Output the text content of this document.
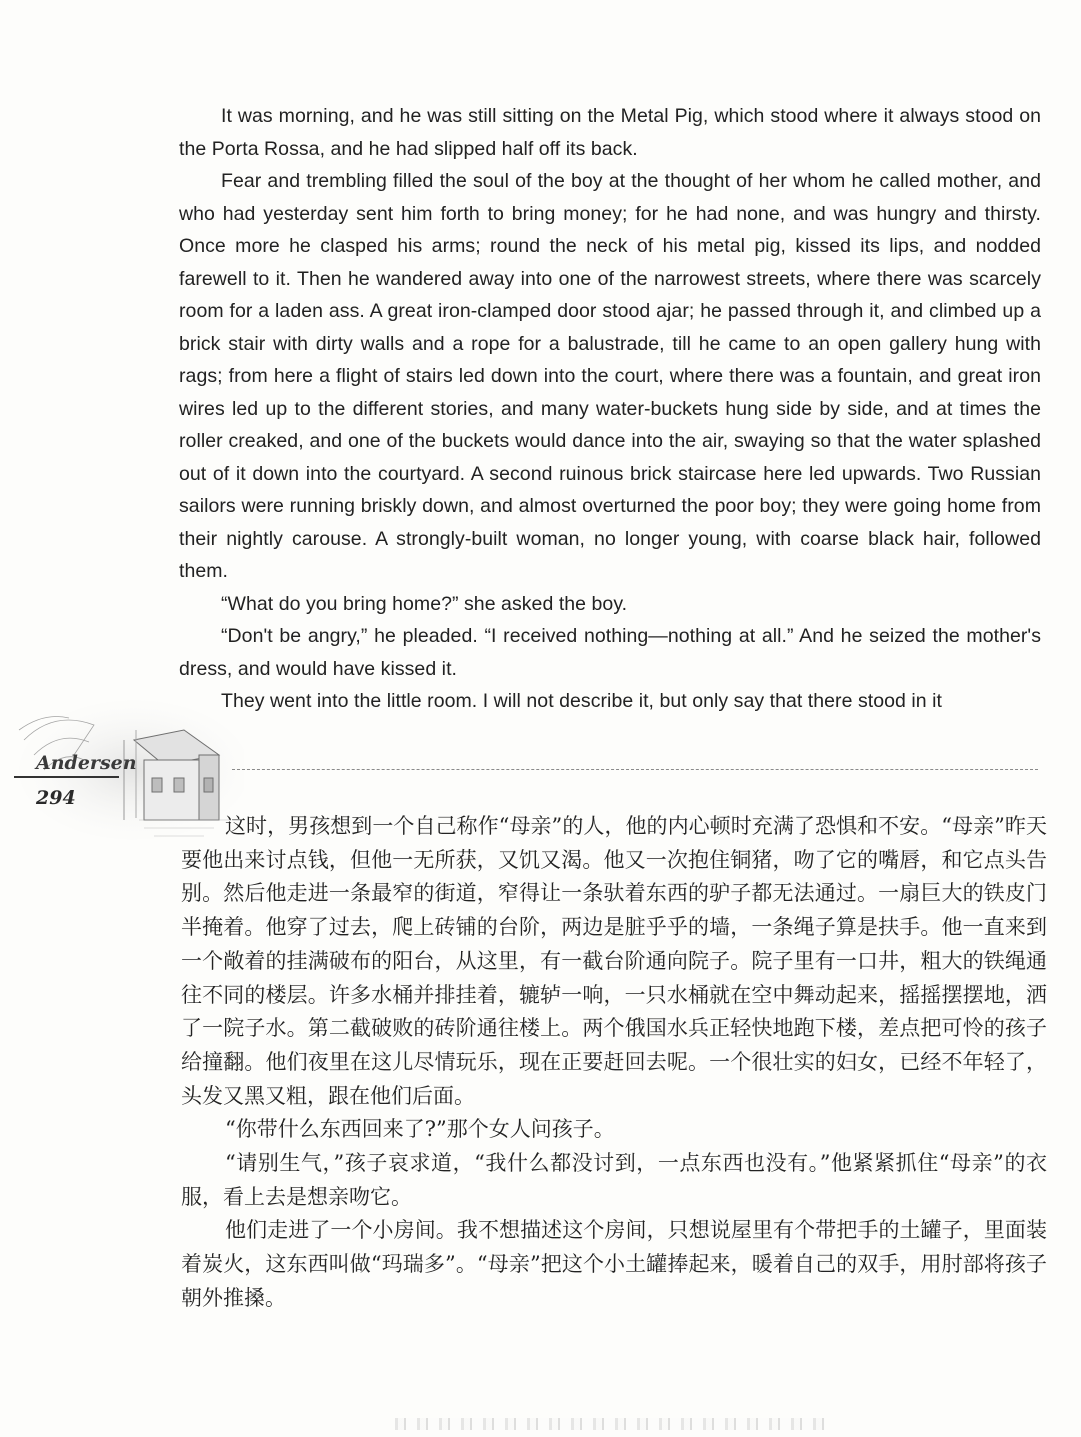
It was morning, and he was still sitting on the Metal Pig, which stood where it always stood on the Porta Rossa, and he had slipped half off its back.

Fear and trembling filled the soul of the boy at the thought of her whom he called mother, and who had yesterday sent him forth to bring money; for he had none, and was hungry and thirsty. Once more he clasped his arms; round the neck of his metal pig, kissed its lips, and nodded farewell to it. Then he wandered away into one of the narrowest streets, where there was scarcely room for a laden ass. A great iron-clamped door stood ajar; he passed through it, and climbed up a brick stair with dirty walls and a rope for a balustrade, till he came to an open gallery hung with rags; from here a flight of stairs led down into the court, where there was a fountain, and great iron wires led up to the different stories, and many water-buckets hung side by side, and at times the roller creaked, and one of the buckets would dance into the air, swaying so that the water splashed out of it down into the courtyard. A second ruinous brick staircase here led upwards. Two Russian sailors were running briskly down, and almost overturned the poor boy; they were going home from their nightly carouse. A strongly-built woman, no longer young, with coarse black hair, followed them.

“What do you bring home?” she asked the boy.

“Don't be angry,” he pleaded. “I received nothing—nothing at all.” And he seized the mother's dress, and would have kissed it.

They went into the little room. I will not describe it, but only say that there stood in it

Andersen
294

这时，男孩想到一个自己称作“母亲”的人，他的内心顿时充满了恐惧和不安。“母亲”昨天要他出来讨点钱，但他一无所获，又饥又渴。他又一次抱住铜猪，吻了它的嘴唇，和它点头告别。然后他走进一条最窄的街道，窄得让一条驮着东西的驴子都无法通过。一扇巨大的铁皮门半掩着。他穿了过去，爬上砖铺的台阶，两边是脏乎乎的墙，一条绳子算是扶手。他一直来到一个敞着的挂满破布的阳台，从这里，有一截台阶通向院子。院子里有一口井，粗大的铁绳通往不同的楼层。许多水桶并排挂着，辘轳一响，一只水桶就在空中舞动起来，摇摇摆摆地，洒了一院子水。第二截破败的砖阶通往楼上。两个俄国水兵正轻快地跑下楼，差点把可怜的孩子给撞翻。他们夜里在这儿尽情玩乐，现在正要赶回去呢。一个很壮实的妇女，已经不年轻了，头发又黑又粗，跟在他们后面。

“你带什么东西回来了?”那个女人问孩子。

“请别生气，”孩子哀求道，“我什么都没讨到，一点东西也没有。”他紧紧抓住“母亲”的衣服，看上去是想亲吻它。

他们走进了一个小房间。我不想描述这个房间，只想说屋里有个带把手的土罐子，里面装着炭火，这东西叫做“玛瑞多”。“母亲”把这个小土罐捧起来，暖着自己的双手，用肘部将孩子朝外推搡。
